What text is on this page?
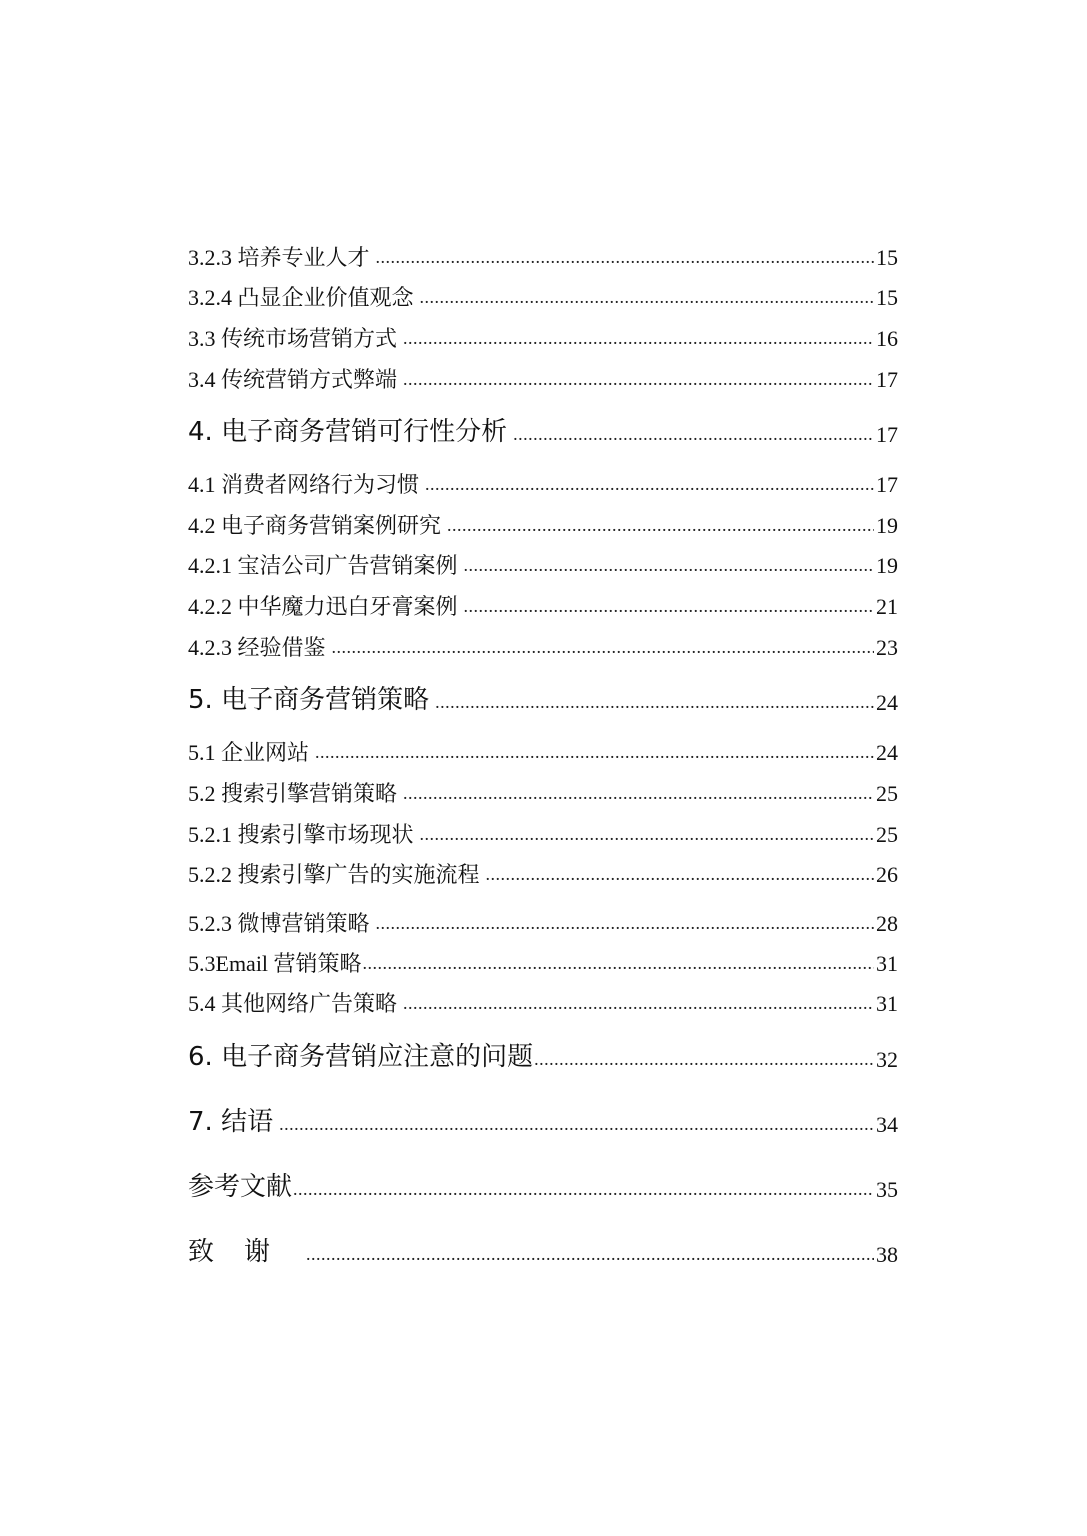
3.2.3 培养专业人才 .....	15
3.2.4 凸显企业价值观念 .....	15
3.3 传统市场营销方式 .....	16
3.4 传统营销方式弊端 .....	17
4. 电子商务营销可行性分析 .....	17
4.1 消费者网络行为习惯 .....	17
4.2 电子商务营销案例研究 .....	19
4.2.1 宝洁公司广告营销案例 .....	19
4.2.2 中华魔力迅白牙膏案例 .....	21
4.2.3 经验借鉴 .....	23
5. 电子商务营销策略 .....	24
5.1 企业网站 .....	24
5.2 搜索引擎营销策略 .....	25
5.2.1 搜索引擎市场现状 .....	25
5.2.2 搜索引擎广告的实施流程 .....	26
5.2.3 微博营销策略 .....	28
5.3Email 营销策略 .....	31
5.4 其他网络广告策略 .....	31
6. 电子商务营销应注意的问题 .....	32
7. 结语 .....	34
参考文献 .....	35
致谢 .....	38
